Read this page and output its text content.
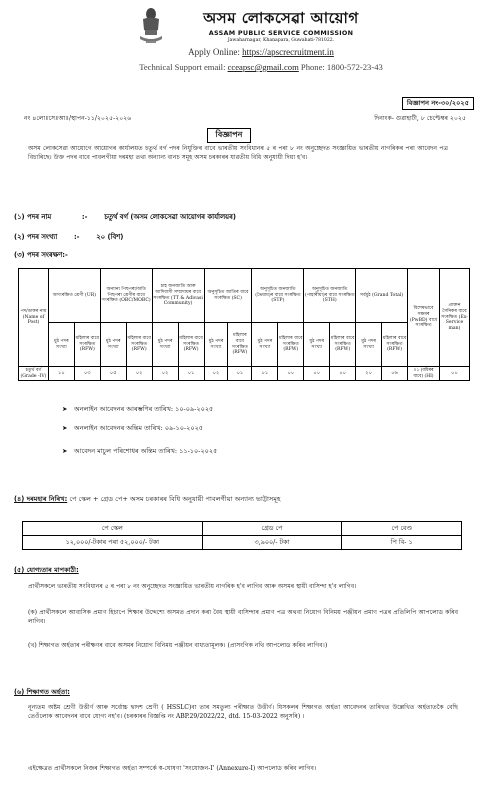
অসম লোকসেৱা আয়োগ
ASSAM PUBLIC SERVICE COMMISSION
Jawaharnagar, Khanapara, Guwahati-781022.
Apply Online: https://apscrecruitment.in
Technical Support email: cceapsc@gmail.com Phone: 1800-572-23-43
বিজ্ঞাপন নং-৩০/২০২৫
নং ৪লোঃসেঃআঃ/স্থাপন-১১/২০২৫-২০২৬	দিনাংক- গুৱাহাটী, ৮ চেপ্টেম্বৰ ২০২৫
বিজ্ঞাপন
অসম লোকসেৱা আয়োগে আয়োগৰ কাৰ্যালয়ত চতুৰ্থ বৰ্গ পদৰ নিযুক্তিৰ বাবে ভাৰতীয় সংবিধানৰ ৫ ৰ পৰা ৮ নং অনুচ্ছেদত সংজ্ঞায়িত ভাৰতীয় নাগৰিকৰ পৰা আবেদন পত্ৰ বিচাৰিছে। উক্ত পদৰ বাবে পাবলগীয়া দৰমহা তথা অন্যান্য বানচ সমূহ অসম চৰকাৰৰ যাৱতীয় বিধি অনুযায়ী দিয়া হ'ব।
(১) পদৰ নাম	:- চতুৰ্থ বৰ্গ (অসম লোকসেৱা আয়োগৰ কাৰ্যালয়ৰ)
(২) পদৰ সংখ্যা :- ২০ (বিশ)
(৩) পদৰ সংৰক্ষণ:-
পদ/ডাকৰ নাম (Name of Post)	অসংৰক্ষিত শ্ৰেণী (UR)		অন্যান্য পিছপৰা/অতি পিছপৰা শ্ৰেণীৰ বাবে সংৰক্ষিত (OBC/MOBC)		চাহ জনজাতি আৰু আদিবাসী সম্প্ৰদায়ৰ বাবে সংৰক্ষিত (TT & Adivasi Community)		অনুসূচিত জাতিৰ বাবে সংৰক্ষিত (SC)		অনুসূচিত জনজাতি (ভৈয়াম)ৰ বাবে সংৰক্ষিত (STP)		অনুসূচিত জনজাতি (পাহাৰীয়া)ৰ বাবে সংৰক্ষিত (STH)		সৰ্বমুঠ (Grand Total)		বিশেষভাবে সক্ষমৰ (PwBD) বাবে সংৰক্ষিত	প্ৰাক্তন সৈনিকৰ বাবে সংৰক্ষিত (Ex-Service man)
	মুঠ পদৰ সংখ্যা	মহিলাৰ বাবে সংৰক্ষিত (RFW)	মুঠ পদৰ সংখ্যা	মহিলাৰ বাবে সংৰক্ষিত (RFW)	মুঠ পদৰ সংখ্যা	মহিলাৰ বাবে সংৰক্ষিত (RFW)	মুঠ পদৰ সংখ্যা	মহিলাৰ বাবে সংৰক্ষিত (RFW)	মুঠ পদৰ সংখ্যা	মহিলাৰ বাবে সংৰক্ষিত (RFW)	মুঠ পদৰ সংখ্যা	মহিলাৰ বাবে সংৰক্ষিত (RFW)	মুঠ পদৰ সংখ্যা	মহিলাৰ বাবে সংৰক্ষিত (RFW)		
চতুৰ্থ বৰ্গ (Grade -IV)	১০	০৩	০৫	০২	০২	০১	০২	০১	০১	০০	০০	০০	২০	০৬	০১ (বধিৰৰ বাবে) (HI)	০০
➤ অনলাইন আবেদনৰ আৰম্ভণিৰ তাৰিখ: ১০-০৯-২০২৫
➤ অনলাইন আবেদনৰ অন্তিম তাৰিখ: ০৯-১০-২০২৫
➤ আবেদন মাচুল পৰিশোধৰ অন্তিম তাৰিখ: ১১-১০-২০২৫
(৪) দৰমহাৰ নিৰিখ: পে স্কেল + গ্ৰেড পে+ অসম চৰকাৰৰ বিধি অনুযায়ী পাবলগীয়া অন্যান্য ভাট্টাসমূহ
পে স্কেল	গ্ৰেড পে	পে বেণ্ড
১২,০০০/-টকাৰ পৰা ৫২,০০০/- টকা	৩,৯০০/- টকা	পি বি- ১
(৫) যোগ্যতাৰ মাপকাঠী:
প্ৰাৰ্থীসকলে ভাৰতীয় সংবিধানৰ ৫ ৰ পৰা ৮ নং অনুচ্ছেদত সংজ্ঞায়িত ভাৰতীয় নাগৰিক হ'ব লাগিব আৰু অসমৰ স্থায়ী বাসিন্দা হ'ব লাগিব।
(ক) প্ৰাৰ্থীসকলে আবাসিক প্ৰমাণ হিচাপে শিক্ষাৰ উদ্দেশ্যে অসমত প্ৰদান কৰা বৈধ স্থায়ী বাসিন্দাৰ প্ৰমাণ পত্ৰ অথবা নিয়োগ বিনিময় পঞ্জীয়ন প্ৰমাণ পত্ৰৰ প্ৰতিলিপি আপলোড কৰিব লাগিব।
(খ) শিক্ষাগত অৰ্হতাৰ পৰীক্ষণৰ বাবে অসমৰ নিয়োগ বিনিময় পঞ্জীয়ন বাধ্যতামূলক। (প্ৰাসংগিক নথি আপলোড কৰিব লাগিব।)
(৬) শিক্ষাগত অৰ্হতা:
নূন্যতম অষ্টম শ্ৰেণী উত্তীৰ্ণ আৰু সৰ্বোচ্চ দ্বাদশ শ্ৰেণী ( HSSLC)বা তাৰ সমতুল্য পৰীক্ষাত উত্তীৰ্ণ। যিসকলৰ শিক্ষাগত অৰ্হতা আবেদনৰ তাৰিখত উল্লেখিত অৰ্হতাতকৈ বেছি তেওঁলোক আবেদনৰ বাবে যোগ্য নহ'ব। (চৰকাৰৰ বিজ্ঞপ্তি নং ABP.29/2022/22, dtd. 15-03-2022 অনুসৰি) ।
এইক্ষেত্ৰত প্ৰাৰ্থীসকলে নিজৰ শিক্ষাগত অৰ্হতা সম্পৰ্কে স্ব-ঘোষণা 'সংযোজন-I' (Annexure-I) আপলোড কৰিব লাগিব।
